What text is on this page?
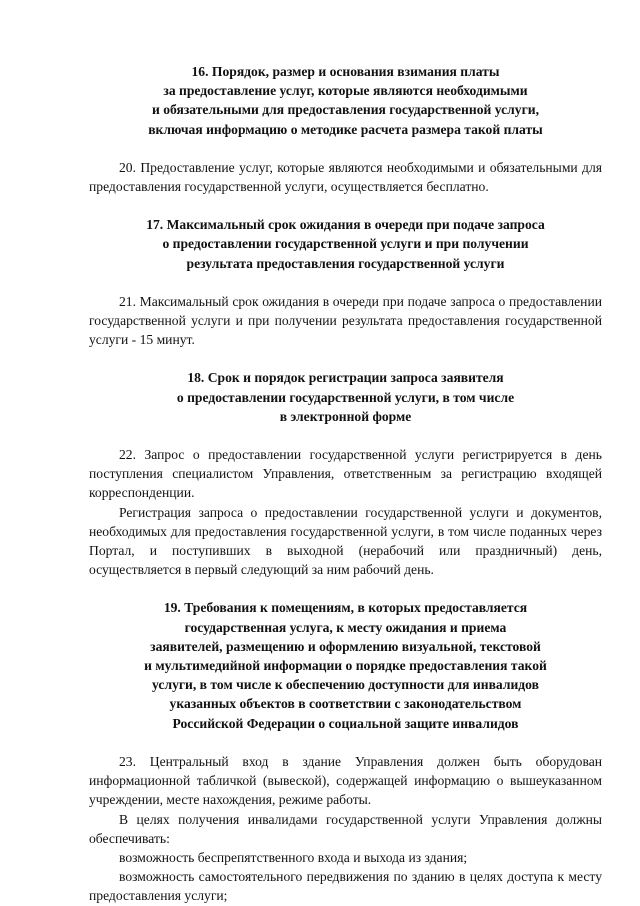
16. Порядок, размер и основания взимания платы
за предоставление услуг, которые являются необходимыми
и обязательными для предоставления государственной услуги,
включая информацию о методике расчета размера такой платы

20. Предоставление услуг, которые являются необходимыми и обязательными для предоставления государственной услуги, осуществляется бесплатно.

17. Максимальный срок ожидания в очереди при подаче запроса
о предоставлении государственной услуги и при получении
результата предоставления государственной услуги

21. Максимальный срок ожидания в очереди при подаче запроса о предоставлении государственной услуги и при получении результата предоставления государственной услуги - 15 минут.

18. Срок и порядок регистрации запроса заявителя
о предоставлении государственной услуги, в том числе
в электронной форме

22. Запрос о предоставлении государственной услуги регистрируется в день поступления специалистом Управления, ответственным за регистрацию входящей корреспонденции.

Регистрация запроса о предоставлении государственной услуги и документов, необходимых для предоставления государственной услуги, в том числе поданных через Портал, и поступивших в выходной (нерабочий или праздничный) день, осуществляется в первый следующий за ним рабочий день.

19. Требования к помещениям, в которых предоставляется
государственная услуга, к месту ожидания и приема
заявителей, размещению и оформлению визуальной, текстовой
и мультимедийной информации о порядке предоставления такой
услуги, в том числе к обеспечению доступности для инвалидов
указанных объектов в соответствии с законодательством
Российской Федерации о социальной защите инвалидов

23. Центральный вход в здание Управления должен быть оборудован информационной табличкой (вывеской), содержащей информацию о вышеуказанном учреждении, месте нахождения, режиме работы.

В целях получения инвалидами государственной услуги Управления должны обеспечивать:

возможность беспрепятственного входа и выхода из здания;

возможность самостоятельного передвижения по зданию в целях доступа к месту предоставления услуги;
